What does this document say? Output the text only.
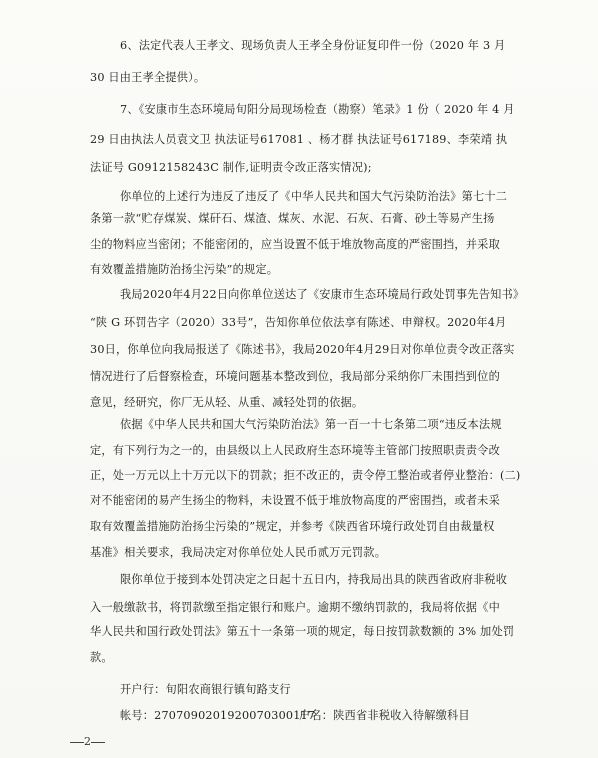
6、法定代表人王孝文、现场负责人王孝全身份证复印件一份（2020 年 3 月
30 日由王孝全提供）。
7、《安康市生态环境局旬阳分局现场检查（勘察）笔录》1 份（ 2020 年 4 月
29 日由执法人员袁文卫 执法证号617081 、杨才群 执法证号617189、李荣靖 执
法证号 G0912158243C 制作,证明责令改正落实情况);
你单位的上述行为违反了违反了《中华人民共和国大气污染防治法》第七十二
条第一款“贮存煤炭、煤矸石、煤渣、煤灰、水泥、石灰、石膏、砂土等易产生扬
尘的物料应当密闭；不能密闭的，应当设置不低于堆放物高度的严密围挡，并采取
有效覆盖措施防治扬尘污染”的规定。
我局2020年4月22日向你单位送达了《安康市生态环境局行政处罚事先告知书》
“陕 G 环罚告字（2020）33号”，告知你单位依法享有陈述、申辩权。2020年4月
30日，你单位向我局报送了《陈述书》，我局2020年4月29日对你单位责令改正落实
情况进行了后督察检查，环境问题基本整改到位，我局部分采纳你厂未围挡到位的
意见，经研究，你厂无从轻、从重、减轻处罚的依据。
依据《中华人民共和国大气污染防治法》第一百一十七条第二项“违反本法规
定，有下列行为之一的，由县级以上人民政府生态环境等主管部门按照职责责令改
正，处一万元以上十万元以下的罚款；拒不改正的，责令停工整治或者停业整治：(二)
对不能密闭的易产生扬尘的物料，未设置不低于堆放物高度的严密围挡，或者未采
取有效覆盖措施防治扬尘污染的”规定，并参考《陕西省环境行政处罚自由裁量权
基准》相关要求，我局决定对你单位处人民币贰万元罚款。
限你单位于接到本处罚决定之日起十五日内，持我局出具的陕西省政府非税收
入一般缴款书，将罚款缴至指定银行和账户。逾期不缴纳罚款的，我局将依据《中
华人民共和国行政处罚法》第五十一条第一项的规定，每日按罚款数额的 3% 加处罚
款。
开户行：旬阳农商银行镇旬路支行
帐号：2707090201920070300117
户名：陕西省非税收入待解缴科目
2
